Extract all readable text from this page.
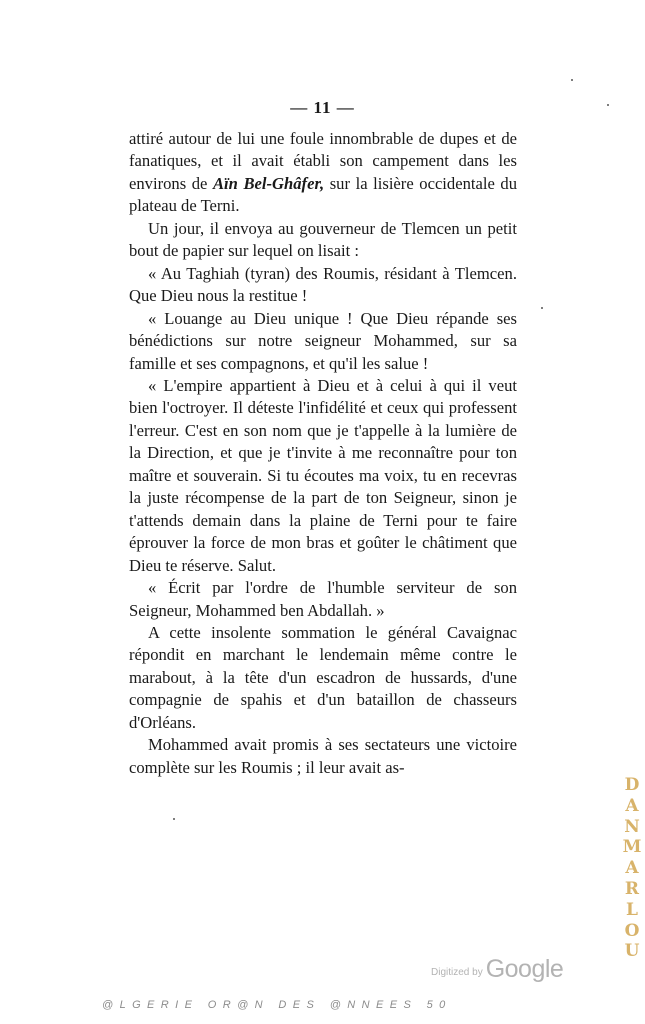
— 11 —

attiré autour de lui une foule innombrable de dupes et de fanatiques, et il avait établi son campement dans les environs de Aïn Bel-Ghâfer, sur la lisière occidentale du plateau de Terni.

Un jour, il envoya au gouverneur de Tlemcen un petit bout de papier sur lequel on lisait :

« Au Taghiah (tyran) des Roumis, résidant à Tlemcen. Que Dieu nous la restitue !

« Louange au Dieu unique ! Que Dieu répande ses bénédictions sur notre seigneur Mohammed, sur sa famille et ses compagnons, et qu'il les salue !

« L'empire appartient à Dieu et à celui à qui il veut bien l'octroyer. Il déteste l'infidélité et ceux qui professent l'erreur. C'est en son nom que je t'appelle à la lumière de la Direction, et que je t'invite à me reconnaître pour ton maître et souverain. Si tu écoutes ma voix, tu en recevras la juste récompense de la part de ton Seigneur, sinon je t'attends demain dans la plaine de Terni pour te faire éprouver la force de mon bras et goûter le châtiment que Dieu te réserve. Salut.

« Écrit par l'ordre de l'humble serviteur de son Seigneur, Mohammed ben Abdallah. »

A cette insolente sommation le général Cavaignac répondit en marchant le lendemain même contre le marabout, à la tête d'un escadron de hussards, d'une compagnie de spahis et d'un bataillon de chasseurs d'Orléans.

Mohammed avait promis à ses sectateurs une victoire complète sur les Roumis ; il leur avait as-

D
A
N
M
A
R
L
O
U
Digitized by Google
@LGERIE OR@N DES @NNEES 50
